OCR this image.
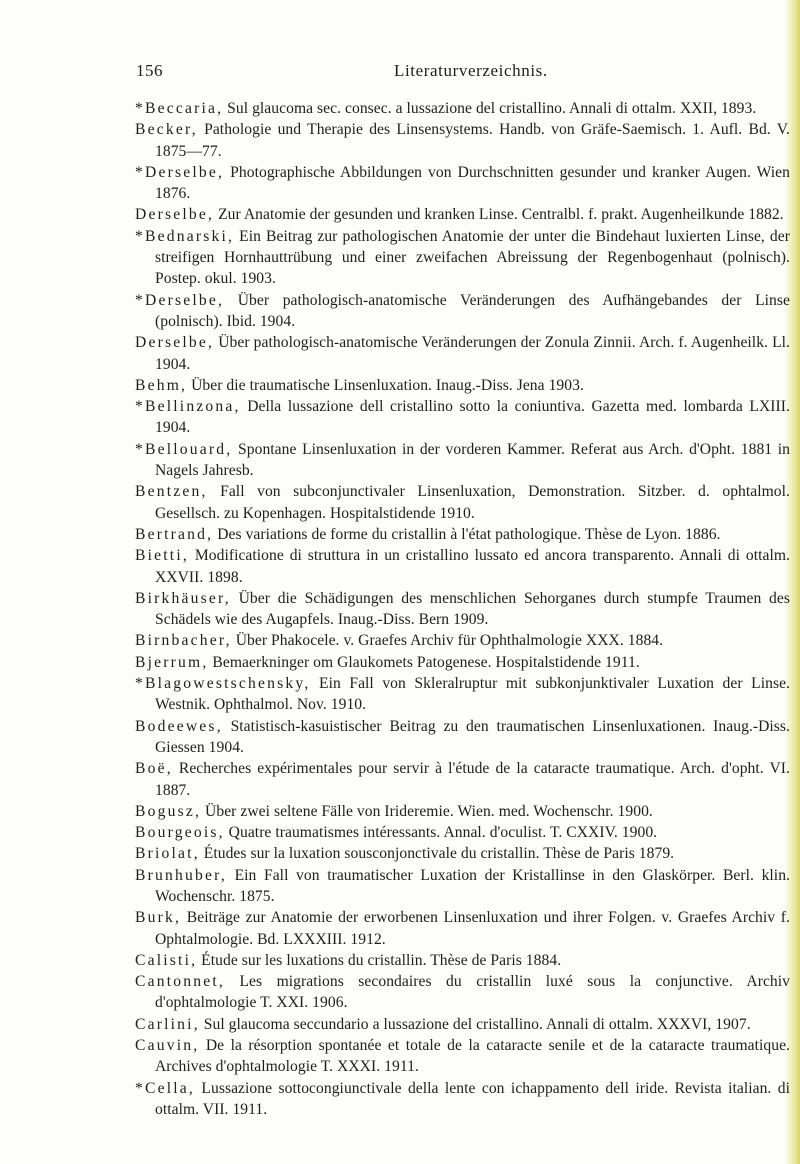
156	Literaturverzeichnis.
*Beccaria, Sul glaucoma sec. consec. a lussazione del cristallino. Annali di ottalm. XXII, 1893.
Becker, Pathologie und Therapie des Linsensystems. Handb. von Gräfe-Saemisch. 1. Aufl. Bd. V. 1875—77.
*Derselbe, Photographische Abbildungen von Durchschnitten gesunder und kranker Augen. Wien 1876.
Derselbe, Zur Anatomie der gesunden und kranken Linse. Centralbl. f. prakt. Augenheilkunde 1882.
*Bednarski, Ein Beitrag zur pathologischen Anatomie der unter die Bindehaut luxierten Linse, der streifigen Hornhauttrübung und einer zweifachen Abreissung der Regenbogenhaut (polnisch). Postep. okul. 1903.
*Derselbe, Über pathologisch-anatomische Veränderungen des Aufhängebandes der Linse (polnisch). Ibid. 1904.
Derselbe, Über pathologisch-anatomische Veränderungen der Zonula Zinnii. Arch. f. Augenheilk. Ll. 1904.
Behm, Über die traumatische Linsenluxation. Inaug.-Diss. Jena 1903.
*Bellinzona, Della lussazione dell cristallino sotto la coniuntiva. Gazetta med. lombarda LXIII. 1904.
*Bellouard, Spontane Linsenluxation in der vorderen Kammer. Referat aus Arch. d'Opht. 1881 in Nagels Jahresb.
Bentzen, Fall von subconjunctivaler Linsenluxation, Demonstration. Sitzber. d. ophtalmol. Gesellsch. zu Kopenhagen. Hospitalstidende 1910.
Bertrand, Des variations de forme du cristallin à l'état pathologique. Thèse de Lyon. 1886.
Bietti, Modificatione di struttura in un cristallino lussato ed ancora transparento. Annali di ottalm. XXVII. 1898.
Birkhäuser, Über die Schädigungen des menschlichen Sehorganes durch stumpfe Traumen des Schädels wie des Augapfels. Inaug.-Diss. Bern 1909.
Birnbacher, Über Phakocele. v. Graefes Archiv für Ophthalmologie XXX. 1884.
Bjerrum, Bemaerkninger om Glaukomets Patogenese. Hospitalstidende 1911.
*Blagowestschensky, Ein Fall von Skleralruptur mit subkonjunktivaler Luxation der Linse. Westnik. Ophthalmol. Nov. 1910.
Bodeewes, Statistisch-kasuistischer Beitrag zu den traumatischen Linsenluxationen. Inaug.-Diss. Giessen 1904.
Boë, Recherches expérimentales pour servir à l'étude de la cataracte traumatique. Arch. d'opht. VI. 1887.
Bogusz, Über zwei seltene Fälle von Irideremie. Wien. med. Wochenschr. 1900.
Bourgeois, Quatre traumatismes intéressants. Annal. d'oculist. T. CXXIV. 1900.
Briolat, Études sur la luxation sousconjonctivale du cristallin. Thèse de Paris 1879.
Brunhuber, Ein Fall von traumatischer Luxation der Kristallinse in den Glaskörper. Berl. klin. Wochenschr. 1875.
Burk, Beiträge zur Anatomie der erworbenen Linsenluxation und ihrer Folgen. v. Graefes Archiv f. Ophtalmologie. Bd. LXXXIII. 1912.
Calisti, Étude sur les luxations du cristallin. Thèse de Paris 1884.
Cantonnet, Les migrations secondaires du cristallin luxé sous la conjunctive. Archiv d'ophtalmologie T. XXI. 1906.
Carlini, Sul glaucoma seccundario a lussazione del cristallino. Annali di ottalm. XXXVI, 1907.
Cauvin, De la résorption spontanée et totale de la cataracte senile et de la cataracte traumatique. Archives d'ophtalmologie T. XXXI. 1911.
*Cella, Lussazione sottocongiunctivale della lente con ichappamento dell iride. Revista italian. di ottalm. VII. 1911.
